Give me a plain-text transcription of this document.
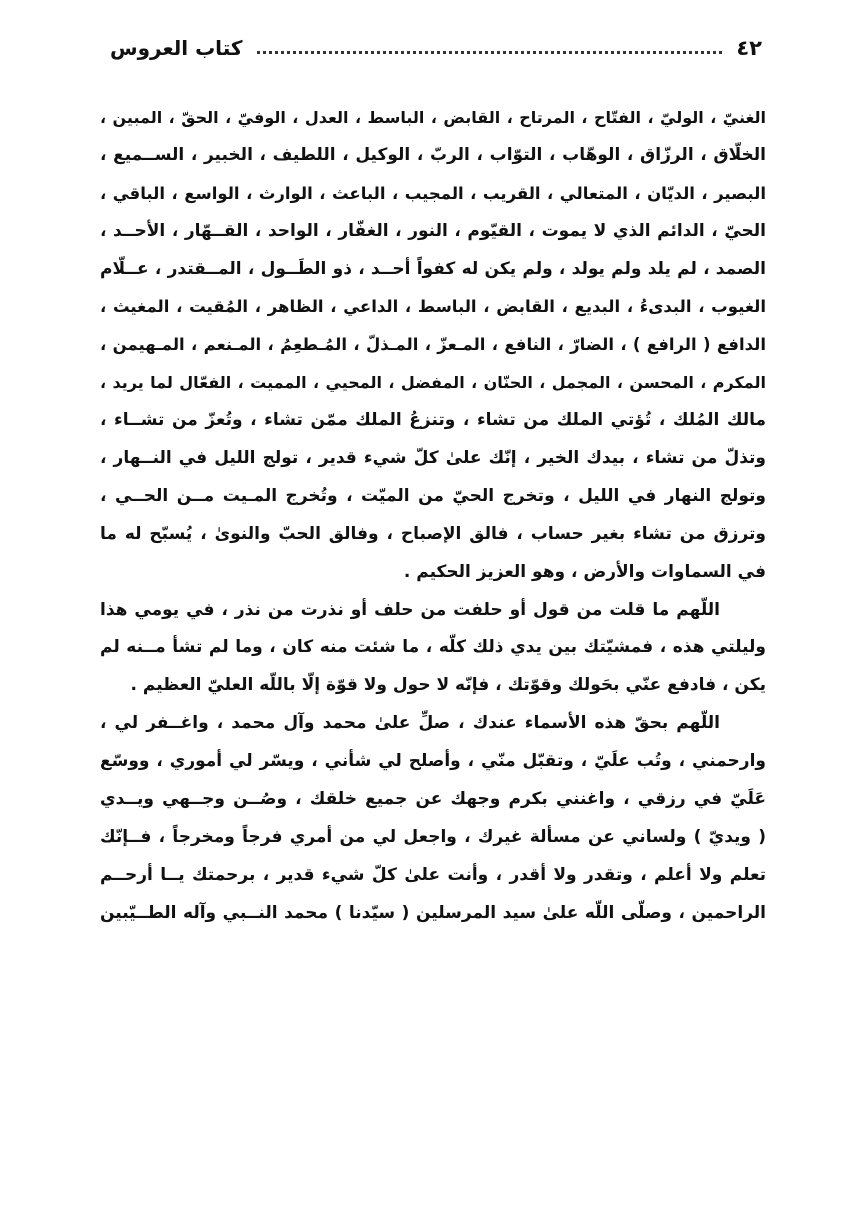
٤٢
كتاب العروس
الغنيّ ، الوليّ ، الفتّاح ، المرتاح ، القابض ، الباسط ، العدل ، الوفيّ ، الحقّ ، المبين ،
الخلّاق ، الرزّاق ، الوهّاب ، التوّاب ، الربّ ، الوكيل ، اللطيف ، الخبير ، الســميع ،
البصير ، الديّان ، المتعالي ، القريب ، المجيب ، الباعث ، الوارث ، الواسع ، الباقي ،
الحيّ ، الدائم الذي لا يموت ، القيّوم ، النور ، الغفّار ، الواحد ، القــهّار ، الأحــد ،
الصمد ، لم يلد ولم يولد ، ولم يكن له كفواً أحــد ، ذو الطَــول ، المــقتدر ، عــلّام
الغيوب ، البدىءُ ، البديع ، القابض ، الباسط ، الداعي ، الظاهر ، المُقيت ، المغيث ،
الدافع ( الرافع ) ، الضارّ ، النافع ، المـعزّ ، المـذلّ ، المُـطعِمُ ، المـنعم ، المـهيمن ،
المكرم ، المحسن ، المجمل ، الحنّان ، المفضل ، المحيي ، المميت ، الفعّال لما يريد ،
مالك المُلك ، تُؤتي الملك من تشاء ، وتنزعُ الملك ممّن تشاء ، وتُعزّ من تشــاء ،
وتذلّ من تشاء ، بيدك الخير ، إنّك علىٰ كلّ شيء قدير ، تولج الليل في النــهار ،
وتولج النهار في الليل ، وتخرج الحيّ من الميّت ، وتُخرج المـيت مــن الحــي ،
وترزق من تشاء بغير حساب ، فالق الإصباح ، وفالق الحبّ والنوىٰ ، يُسبّح له ما
في السماوات والأرض ، وهو العزيز الحكيم .
اللّهم ما قلت من قول أو حلفت من حلف أو نذرت من نذر ، في يومي هذا
وليلتي هذه ، فمشيّتك بين يدي ذلك كلّه ، ما شئت منه كان ، وما لم تشأ مــنه لم
يكن ، فادفع عنّي بحَولك وقوّتك ، فإنّه لا حول ولا قوّة إلّا باللّه العليّ العظيم .
اللّهم بحقّ هذه الأسماء عندك ، صلِّ علىٰ محمد وآل محمد ، واغــفر لي ،
وارحمني ، وتُب علَيّ ، وتقبّل منّي ، وأصلح لي شأني ، ويسّر لي أموري ، ووسّع
عَلَيّ في رزقي ، واغنني بكرم وجهك عن جميع خلقك ، وصُــن وجــهي ويــدي
( ويديّ ) ولساني عن مسألة غيرك ، واجعل لي من أمري فرجاً ومخرجاً ، فــإنّك
تعلم ولا أعلم ، وتقدر ولا أقدر ، وأنت علىٰ كلّ شيء قدير ، برحمتك يــا أرحــم
الراحمين ، وصلّى اللّه علىٰ سيد المرسلين ( سيّدنا ) محمد النــبي وآله الطــيّبين
